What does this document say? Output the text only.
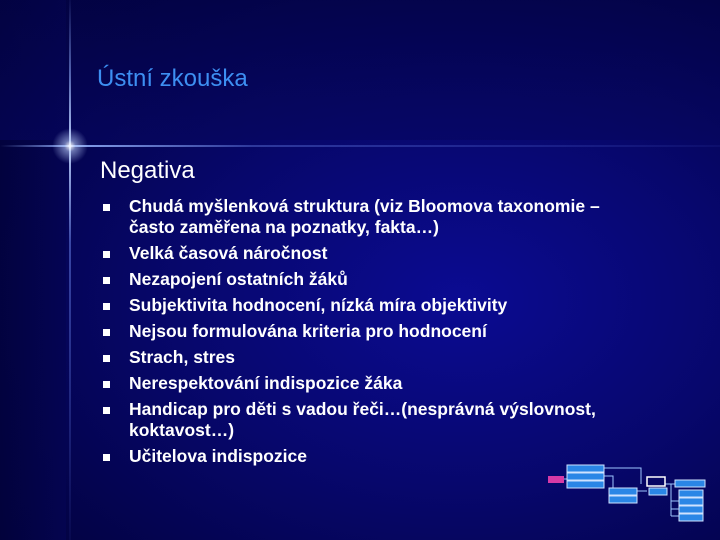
Ústní zkouška
Negativa
Chudá myšlenková struktura (viz Bloomova taxonomie –
často zaměřena na poznatky, fakta…)
Velká časová náročnost
Nezapojení ostatních žáků
Subjektivita hodnocení, nízká míra objektivity
Nejsou formulována kriteria pro hodnocení
Strach, stres
Nerespektování indispozice žáka
Handicap pro děti s vadou řeči…(nesprávná výslovnost,
koktavost…)
Učitelova indispozice
